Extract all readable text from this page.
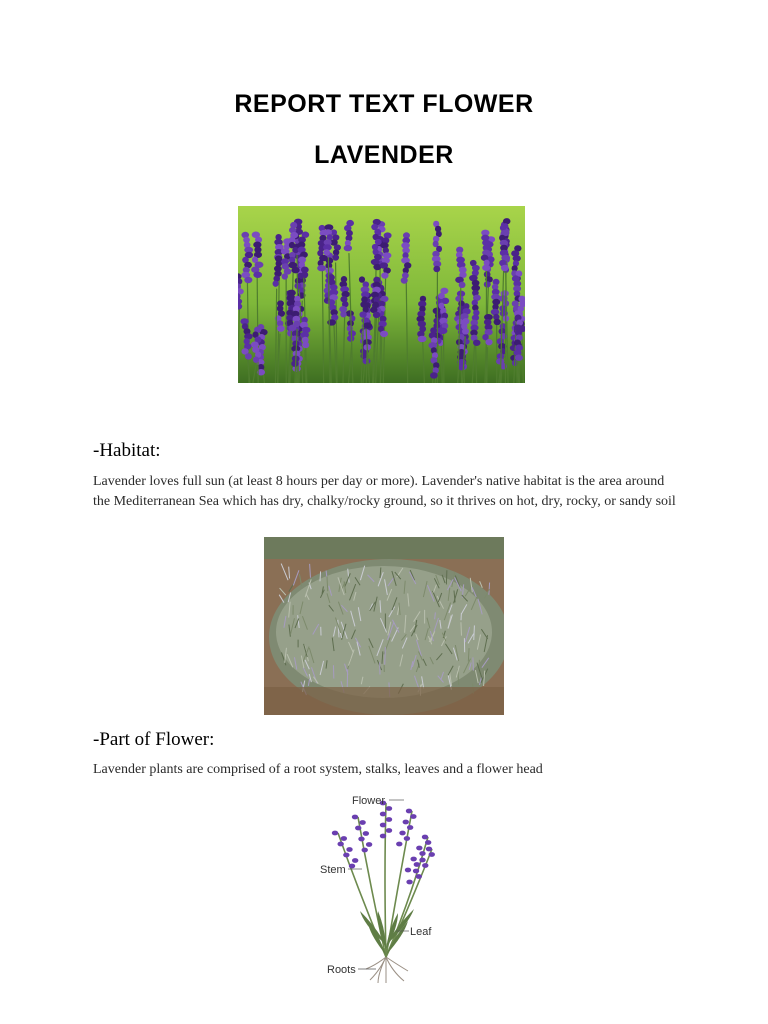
REPORT TEXT FLOWER
LAVENDER
-Habitat:
Lavender loves full sun (at least 8 hours per day or more). Lavender's native habitat is the area around the Mediterranean Sea which has dry, chalky/rocky ground, so it thrives on hot, dry, rocky, or sandy soil
-Part of Flower:
Lavender plants are comprised of a root system, stalks, leaves and a flower head
Flower
Stem
Leaf
Roots
